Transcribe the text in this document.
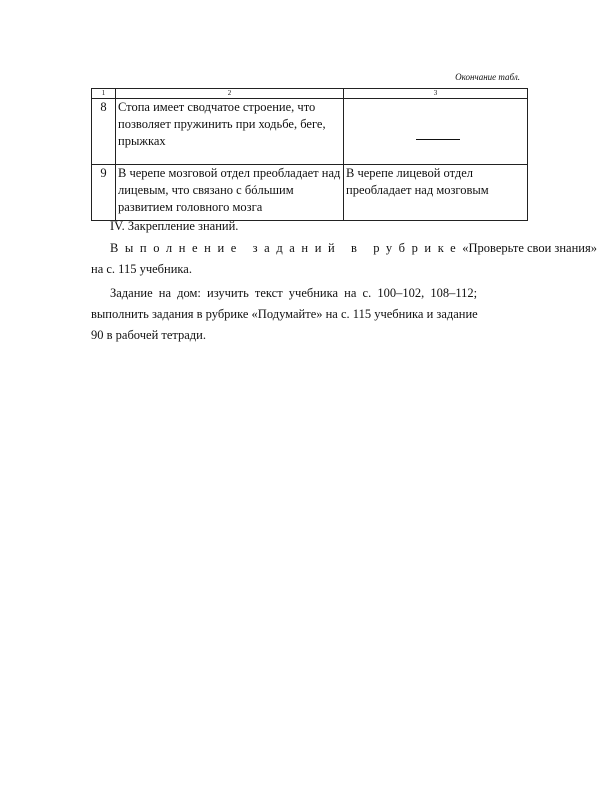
Окончание табл.
1	2	3
8	Стопа имеет сводчатое строение, что позволяет пружинить при ходьбе, беге, прыжках	

9	В черепе мозговой отдел преобладает над лицевым, что связано с бóльшим развитием головного мозга	В черепе лицевой отдел преобладает над мозговым
IV. Закрепление знаний.
Выполнение заданий в рубрике«Проверьте свои знания»
на с. 115 учебника.
Задание на дом: изучить текст учебника на с. 100–102, 108–112;
выполнить задания в рубрике «Подумайте» на с. 115 учебника и задание
90 в рабочей тетради.
